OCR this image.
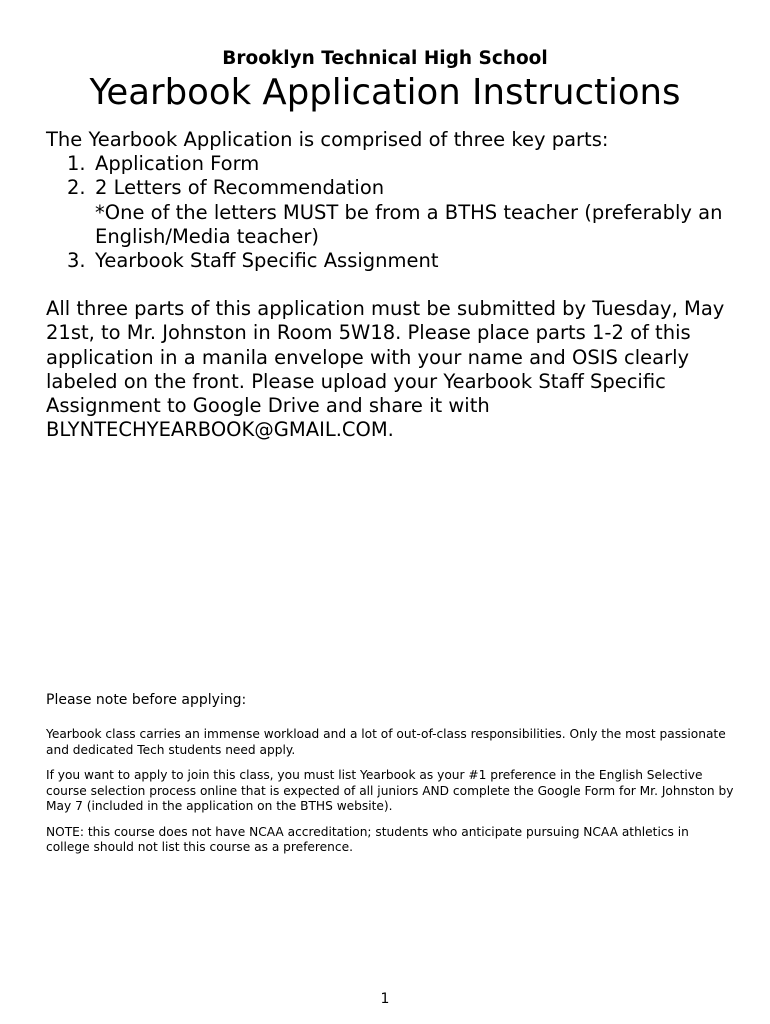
Brooklyn Technical High School
Yearbook Application Instructions

The Yearbook Application is comprised of three key parts:

1. Application Form
2. 2 Letters of Recommendation
*One of the letters MUST be from a BTHS teacher (preferably an English/Media teacher)
3. Yearbook Staff Specific Assignment

All three parts of this application must be submitted by Tuesday, May 21st, to Mr. Johnston in Room 5W18. Please place parts 1-2 of this application in a manila envelope with your name and OSIS clearly labeled on the front. Please upload your Yearbook Staff Specific Assignment to Google Drive and share it with BLYNTECHYEARBOOK@GMAIL.COM.

Please note before applying:

Yearbook class carries an immense workload and a lot of out-of-class responsibilities. Only the most passionate and dedicated Tech students need apply.

If you want to apply to join this class, you must list Yearbook as your #1 preference in the English Selective course selection process online that is expected of all juniors AND complete the Google Form for Mr. Johnston by May 7 (included in the application on the BTHS website).

NOTE: this course does not have NCAA accreditation; students who anticipate pursuing NCAA athletics in college should not list this course as a preference.

1
